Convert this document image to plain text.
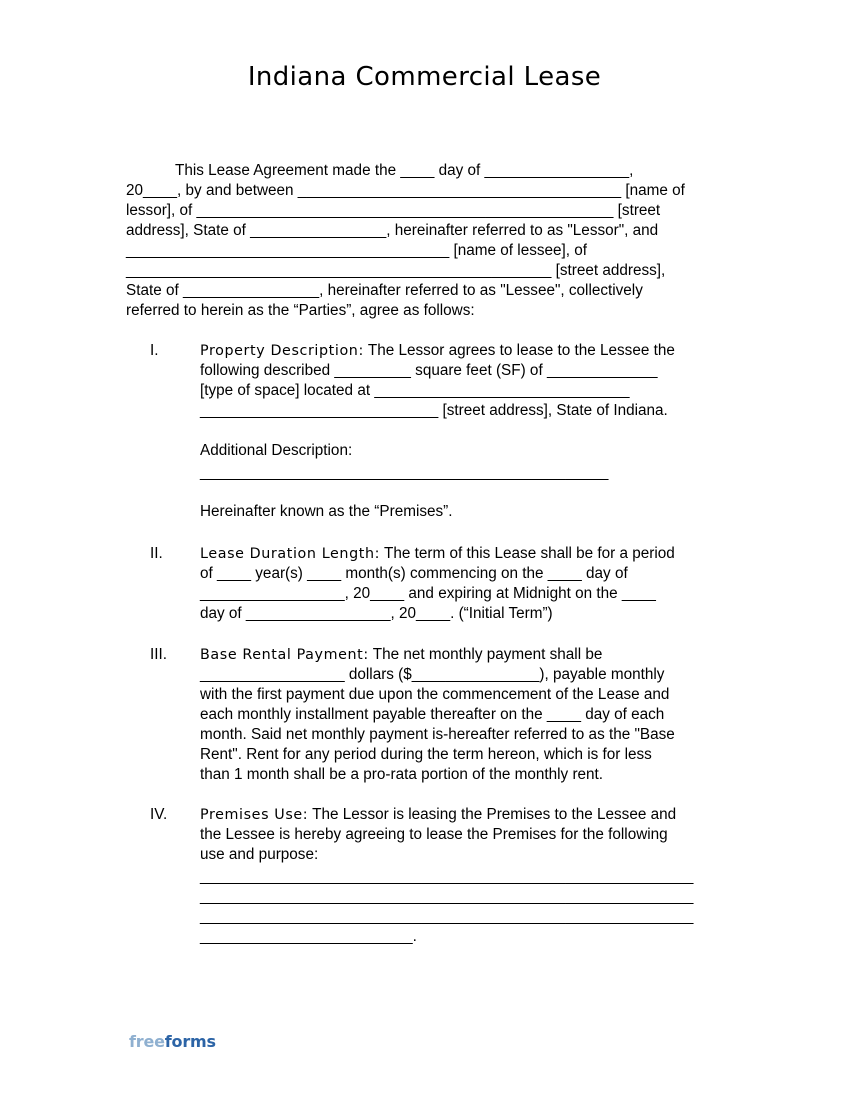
Indiana Commercial Lease
This Lease Agreement made the ____ day of _________________,
20____, by and between ______________________________________ [name of
lessor], of _________________________________________________ [street
address], State of ________________, hereinafter referred to as "Lessor", and
______________________________________ [name of lessee], of
__________________________________________________ [street address],
State of ________________, hereinafter referred to as "Lessee", collectively
referred to herein as the “Parties”, agree as follows:
I.	Property Description: The Lessor agrees to lease to the Lessee the
following described _________ square feet (SF) of _____________
[type of space] located at ______________________________
____________________________ [street address], State of Indiana.
Additional Description:
________________________________________________
Hereinafter known as the “Premises”.
II.	Lease Duration Length: The term of this Lease shall be for a period
of ____ year(s) ____ month(s) commencing on the ____ day of
_________________, 20____ and expiring at Midnight on the ____
day of _________________, 20____. (“Initial Term”)
III. Base Rental Payment: The net monthly payment shall be
_________________ dollars ($_______________), payable monthly
with the first payment due upon the commencement of the Lease and
each monthly installment payable thereafter on the ____ day of each
month. Said net monthly payment is-hereafter referred to as the "Base
Rent". Rent for any period during the term hereon, which is for less
than 1 month shall be a pro-rata portion of the monthly rent.
IV. Premises Use: The Lessor is leasing the Premises to the Lessee and
the Lessee is hereby agreeing to lease the Premises for the following
use and purpose:
__________________________________________________________
__________________________________________________________
__________________________________________________________
_________________________.
freeforms
